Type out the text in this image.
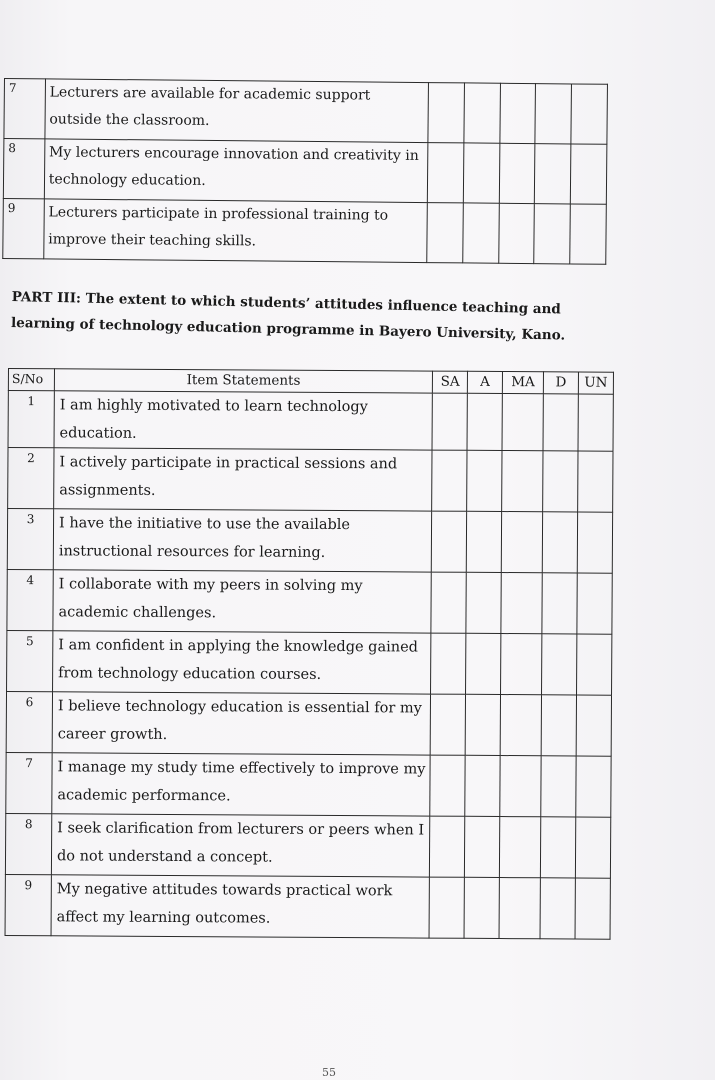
7	Lecturers are available for academic support outside the classroom.					
8	My lecturers encourage innovation and creativity in technology education.					
9	Lecturers participate in professional training to improve their teaching skills.					
PART III: The extent to which students’ attitudes influence teaching and learning of technology education programme in Bayero University, Kano.
S/No	Item Statements	SA	A	MA	D	UN
1	I am highly motivated to learn technology education.					
2	I actively participate in practical sessions and assignments.					
3	I have the initiative to use the available instructional resources for learning.					
4	I collaborate with my peers in solving my academic challenges.					
5	I am confident in applying the knowledge gained from technology education courses.					
6	I believe technology education is essential for my career growth.					
7	I manage my study time effectively to improve my academic performance.					
8	I seek clarification from lecturers or peers when I do not understand a concept.					
9	My negative attitudes towards practical work affect my learning outcomes.					
55
